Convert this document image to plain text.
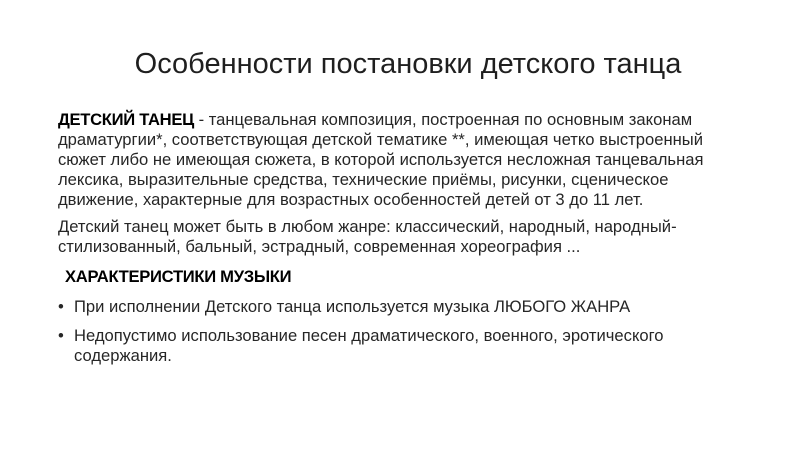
Особенности постановки детского танца

ДЕТСКИЙ ТАНЕЦ - танцевальная композиция, построенная по основным законам драматургии*, соответствующая детской тематике **, имеющая четко выстроенный сюжет либо не имеющая сюжета, в которой используется несложная танцевальная лексика, выразительные средства, технические приёмы, рисунки, сценическое движение, характерные для возрастных особенностей детей от 3 до 11 лет.

Детский танец может быть в любом жанре: классический, народный, народный-стилизованный, бальный, эстрадный, современная хореография ...

ХАРАКТЕРИСТИКИ МУЗЫКИ
• При исполнении Детского танца используется музыка ЛЮБОГО ЖАНРА
• Недопустимо использование песен драматического, военного, эротического содержания.
